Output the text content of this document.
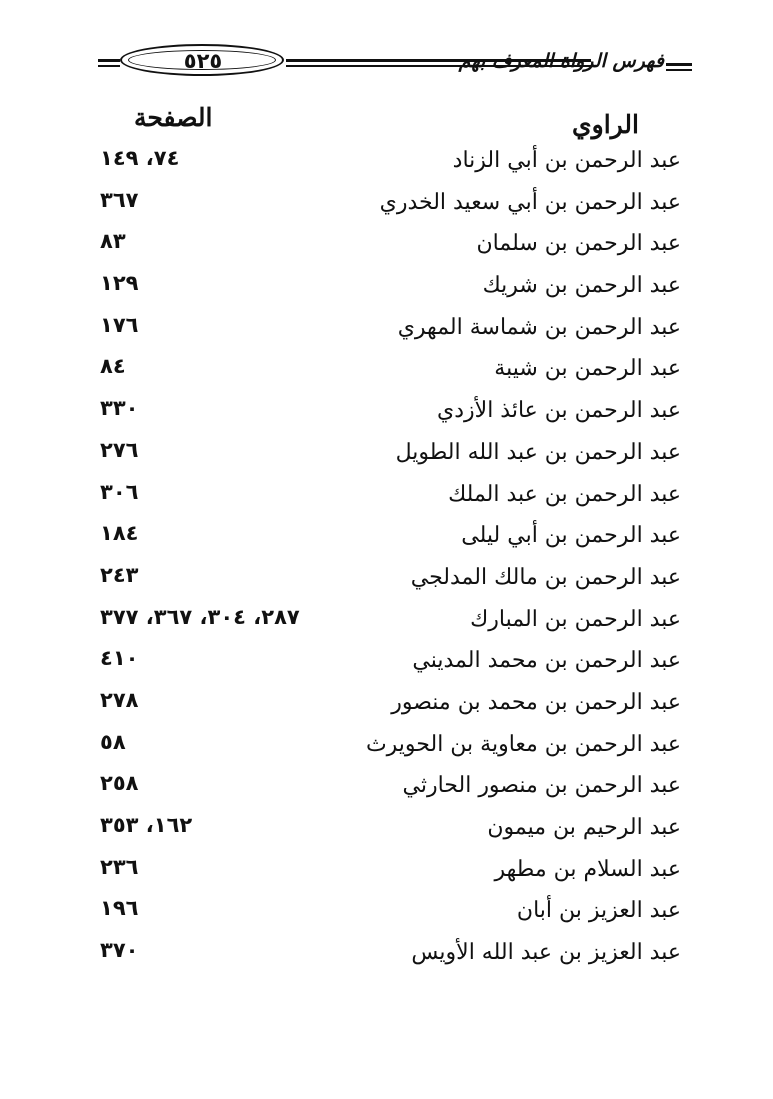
٥٢٥	فهرس الرواة المعرف بهم
الراوي
الصفحة
عبد الرحمن بن أبي الزناد
٧٤، ١٤٩
عبد الرحمن بن أبي سعيد الخدري
٣٦٧
عبد الرحمن بن سلمان
٨٣
عبد الرحمن بن شريك
١٢٩
عبد الرحمن بن شماسة المهري
١٧٦
عبد الرحمن بن شيبة
٨٤
عبد الرحمن بن عائذ الأزدي
٣٣٠
عبد الرحمن بن عبد الله الطويل
٢٧٦
عبد الرحمن بن عبد الملك
٣٠٦
عبد الرحمن بن أبي ليلى
١٨٤
عبد الرحمن بن مالك المدلجي
٢٤٣
عبد الرحمن بن المبارك
٢٨٧، ٣٠٤، ٣٦٧، ٣٧٧
عبد الرحمن بن محمد المديني
٤١٠
عبد الرحمن بن محمد بن منصور
٢٧٨
عبد الرحمن بن معاوية بن الحويرث
٥٨
عبد الرحمن بن منصور الحارثي
٢٥٨
عبد الرحيم بن ميمون
١٦٢، ٣٥٣
عبد السلام بن مطهر
٢٣٦
عبد العزيز بن أبان
١٩٦
عبد العزيز بن عبد الله الأويس
٣٧٠
